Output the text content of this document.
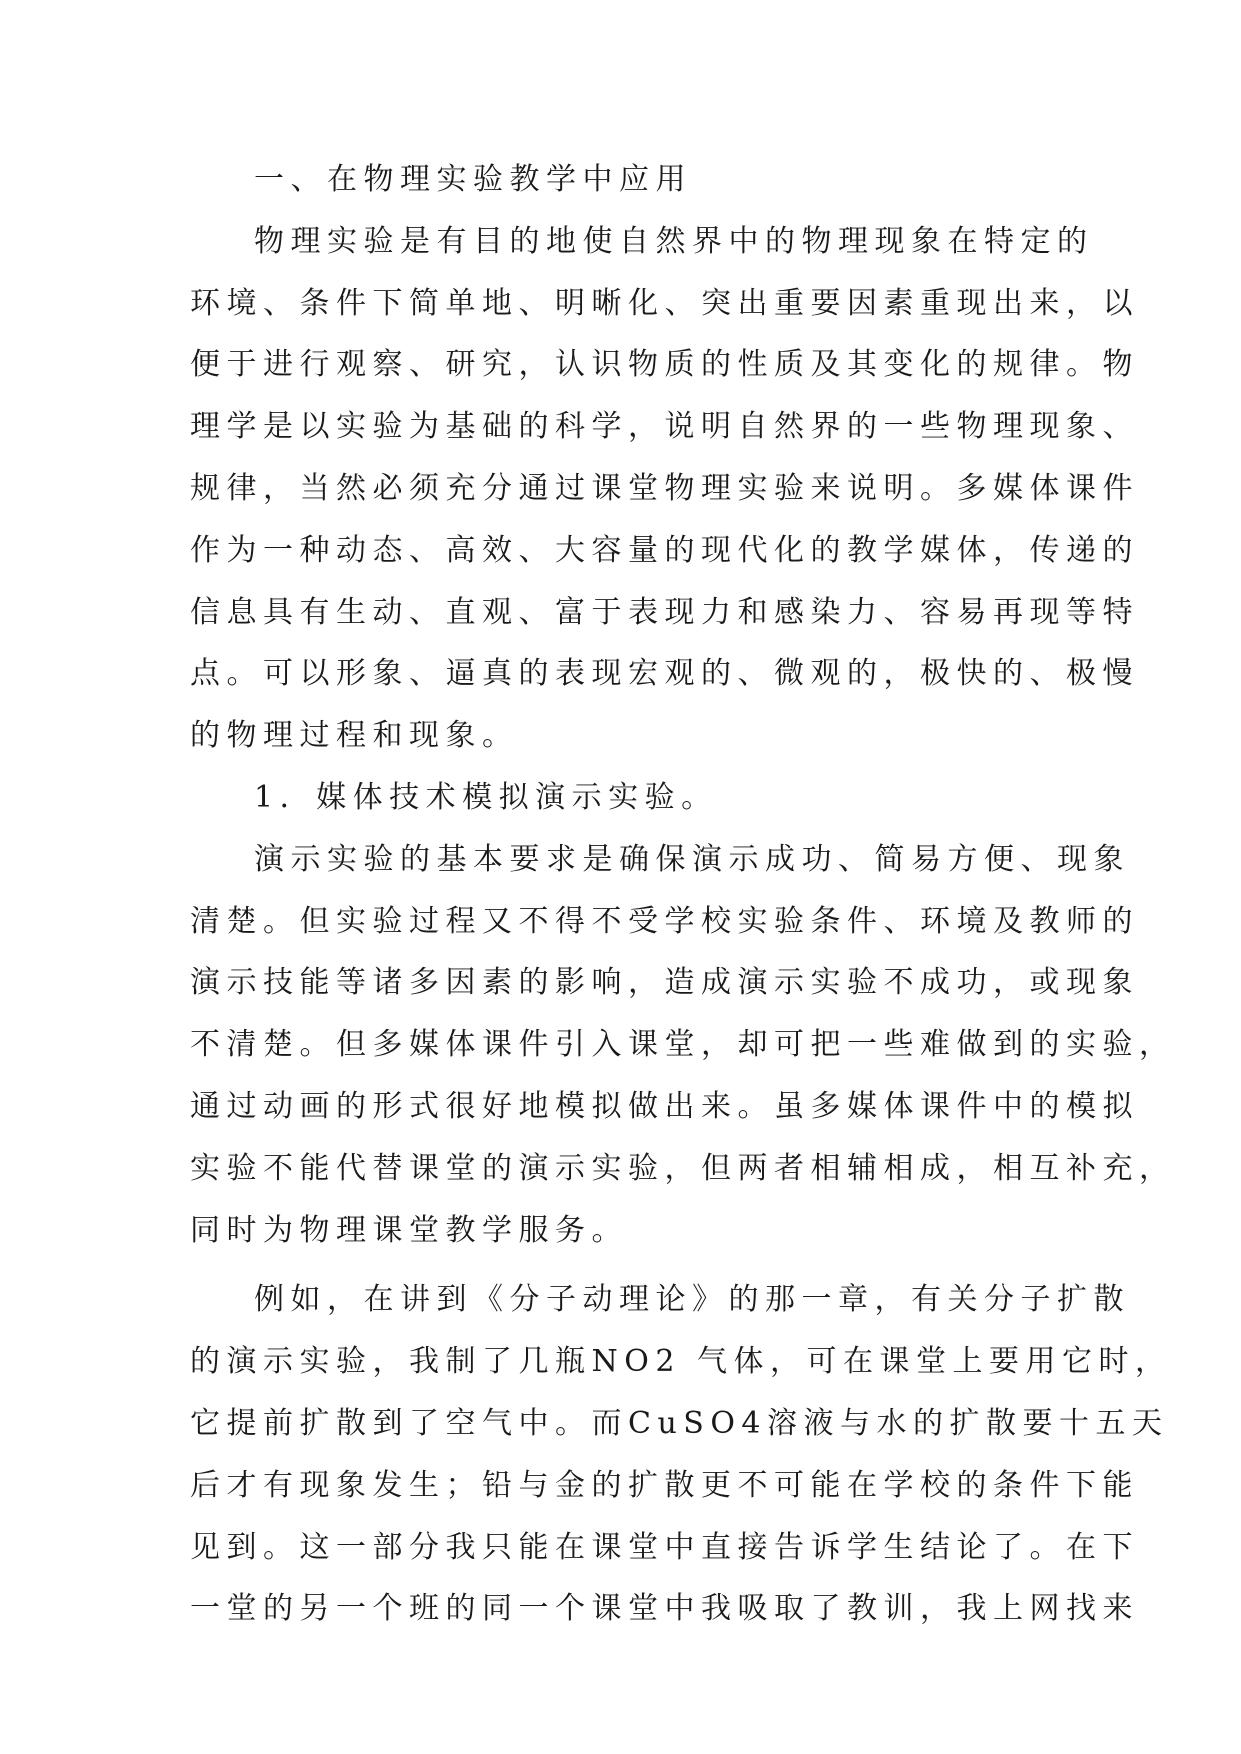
一、在物理实验教学中应用
物理实验是有目的地使自然界中的物理现象在特定的
环境、条件下简单地、明晰化、突出重要因素重现出来，以
便于进行观察、研究，认识物质的性质及其变化的规律。物
理学是以实验为基础的科学，说明自然界的一些物理现象、
规律，当然必须充分通过课堂物理实验来说明。多媒体课件
作为一种动态、高效、大容量的现代化的教学媒体，传递的
信息具有生动、直观、富于表现力和感染力、容易再现等特
点。可以形象、逼真的表现宏观的、微观的，极快的、极慢
的物理过程和现象。
1．媒体技术模拟演示实验。
演示实验的基本要求是确保演示成功、简易方便、现象
清楚。但实验过程又不得不受学校实验条件、环境及教师的
演示技能等诸多因素的影响，造成演示实验不成功，或现象
不清楚。但多媒体课件引入课堂，却可把一些难做到的实验，
通过动画的形式很好地模拟做出来。虽多媒体课件中的模拟
实验不能代替课堂的演示实验，但两者相辅相成，相互补充，
同时为物理课堂教学服务。
例如，在讲到《分子动理论》的那一章，有关分子扩散
的演示实验，我制了几瓶NO2 气体，可在课堂上要用它时，
它提前扩散到了空气中。而CuSO4溶液与水的扩散要十五天
后才有现象发生；铅与金的扩散更不可能在学校的条件下能
见到。这一部分我只能在课堂中直接告诉学生结论了。在下
一堂的另一个班的同一个课堂中我吸取了教训，我上网找来
